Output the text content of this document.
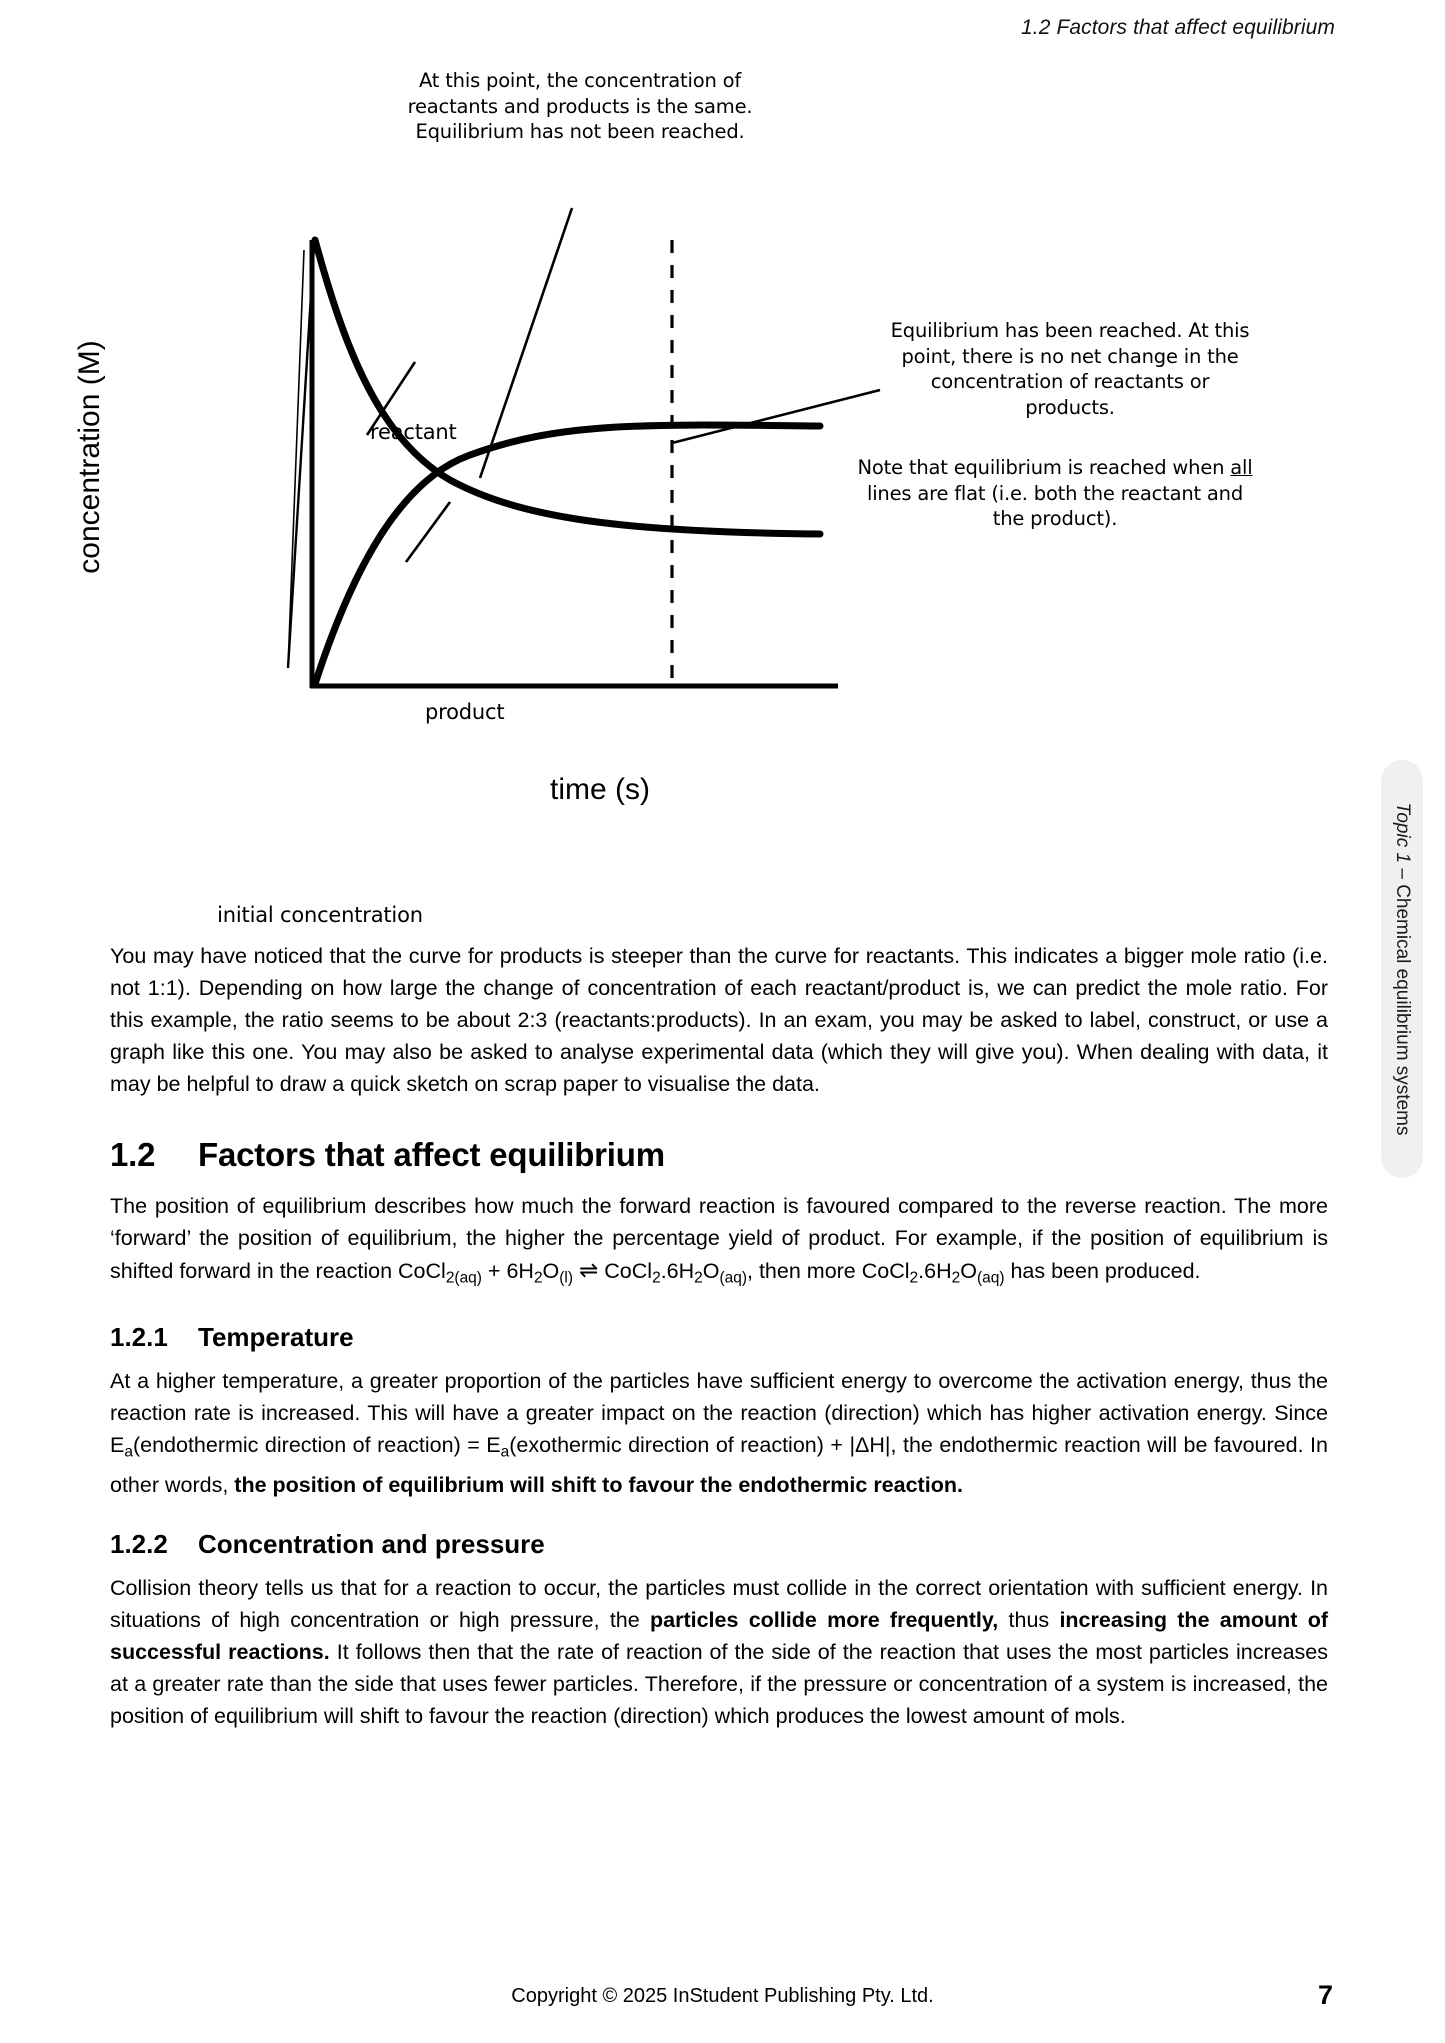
1.2 Factors that affect equilibrium
Topic 1 – Chemical equilibrium systems
concentration (M)
time (s)
At this point, the concentration of reactants and products is the same. Equilibrium has not been reached.
Equilibrium has been reached. At this point, there is no net change in the concentration of reactants or products.
Note that equilibrium is reached when all lines are flat (i.e. both the reactant and the product).
reactant
product
initial concentration

You may have noticed that the curve for products is steeper than the curve for reactants. This indicates a bigger mole ratio (i.e. not 1:1). Depending on how large the change of concentration of each reactant/product is, we can predict the mole ratio. For this example, the ratio seems to be about 2:3 (reactants:products). In an exam, you may be asked to label, construct, or use a graph like this one. You may also be asked to analyse experimental data (which they will give you). When dealing with data, it may be helpful to draw a quick sketch on scrap paper to visualise the data.

1.2 Factors that affect equilibrium

The position of equilibrium describes how much the forward reaction is favoured compared to the reverse reaction. The more ‘forward’ the position of equilibrium, the higher the percentage yield of product. For example, if the position of equilibrium is shifted forward in the reaction CoCl$_{2(aq)}$ + $6H_2O_{(l)}$ ⇌ $CoCl_2.6H_2O_{(aq)}$, then more $CoCl_2.6H_2O_{(aq)}$ has been produced.

1.2.1 Temperature

At a higher temperature, a greater proportion of the particles have sufficient energy to overcome the activation energy, thus the reaction rate is increased. This will have a greater impact on the reaction (direction) which has higher activation energy. Since $E_a(endothermic$ direction of reaction) = $E_a(exothermic$ direction of reaction) + |ΔH|, the endothermic reaction will be favoured. In other words, the position of equilibrium will shift to favour the endothermic reaction.

1.2.2 Concentration and pressure

Collision theory tells us that for a reaction to occur, the particles must collide in the correct orientation with sufficient energy. In situations of high concentration or high pressure, the particles collide more frequently, thus increasing the amount of successful reactions. It follows then that the rate of reaction of the side of the reaction that uses the most particles increases at a greater rate than the side that uses fewer particles. Therefore, if the pressure or concentration of a system is increased, the position of equilibrium will shift to favour the reaction (direction) which produces the lowest amount of mols.

Copyright © 2025 InStudent Publishing Pty. Ltd.	7
